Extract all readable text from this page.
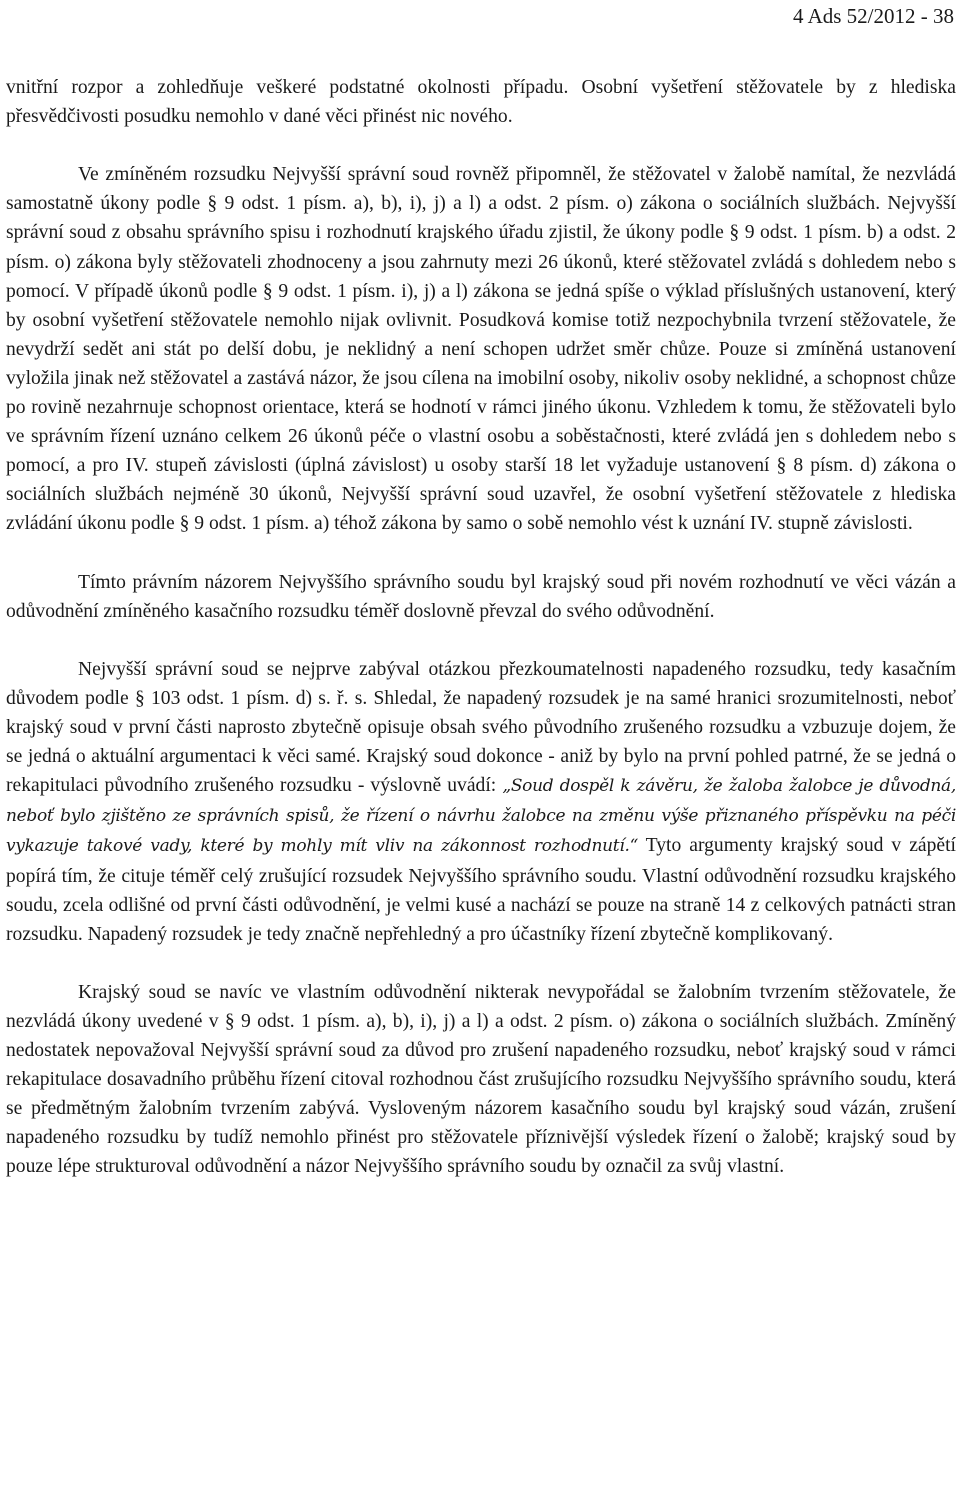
4 Ads 52/2012 - 38

vnitřní rozpor a zohledňuje veškeré podstatné okolnosti případu. Osobní vyšetření stěžovatele by z hlediska přesvědčivosti posudku nemohlo v dané věci přinést nic nového.

Ve zmíněném rozsudku Nejvyšší správní soud rovněž připomněl, že stěžovatel v žalobě namítal, že nezvládá samostatně úkony podle § 9 odst. 1 písm. a), b), i), j) a l) a odst. 2 písm. o) zákona o sociálních službách. Nejvyšší správní soud z obsahu správního spisu i rozhodnutí krajského úřadu zjistil, že úkony podle § 9 odst. 1 písm. b) a odst. 2 písm. o) zákona byly stěžovateli zhodnoceny a jsou zahrnuty mezi 26 úkonů, které stěžovatel zvládá s dohledem nebo s pomocí. V případě úkonů podle § 9 odst. 1 písm. i), j) a l) zákona se jedná spíše o výklad příslušných ustanovení, který by osobní vyšetření stěžovatele nemohlo nijak ovlivnit. Posudková komise totiž nezpochybnila tvrzení stěžovatele, že nevydrží sedět ani stát po delší dobu, je neklidný a není schopen udržet směr chůze. Pouze si zmíněná ustanovení vyložila jinak než stěžovatel a zastává názor, že jsou cílena na imobilní osoby, nikoliv osoby neklidné, a schopnost chůze po rovině nezahrnuje schopnost orientace, která se hodnotí v rámci jiného úkonu. Vzhledem k tomu, že stěžovateli bylo ve správním řízení uznáno celkem 26 úkonů péče o vlastní osobu a soběstačnosti, které zvládá jen s dohledem nebo s pomocí, a pro IV. stupeň závislosti (úplná závislost) u osoby starší 18 let vyžaduje ustanovení § 8 písm. d) zákona o sociálních službách nejméně 30 úkonů, Nejvyšší správní soud uzavřel, že osobní vyšetření stěžovatele z hlediska zvládání úkonu podle § 9 odst. 1 písm. a) téhož zákona by samo o sobě nemohlo vést k uznání IV. stupně závislosti.

Tímto právním názorem Nejvyššího správního soudu byl krajský soud při novém rozhodnutí ve věci vázán a odůvodnění zmíněného kasačního rozsudku téměř doslovně převzal do svého odůvodnění.

Nejvyšší správní soud se nejprve zabýval otázkou přezkoumatelnosti napadeného rozsudku, tedy kasačním důvodem podle § 103 odst. 1 písm. d) s. ř. s. Shledal, že napadený rozsudek je na samé hranici srozumitelnosti, neboť krajský soud v první části naprosto zbytečně opisuje obsah svého původního zrušeného rozsudku a vzbuzuje dojem, že se jedná o aktuální argumentaci k věci samé. Krajský soud dokonce - aniž by bylo na první pohled patrné, že se jedná o rekapitulaci původního zrušeného rozsudku - výslovně uvádí: „Soud dospěl k závěru, že žaloba žalobce je důvodná, neboť bylo zjištěno ze správních spisů, že řízení o návrhu žalobce na změnu výše přiznaného příspěvku na péči vykazuje takové vady, které by mohly mít vliv na zákonnost rozhodnutí.“ Tyto argumenty krajský soud v zápětí popírá tím, že cituje téměř celý zrušující rozsudek Nejvyššího správního soudu. Vlastní odůvodnění rozsudku krajského soudu, zcela odlišné od první části odůvodnění, je velmi kusé a nachází se pouze na straně 14 z celkových patnácti stran rozsudku. Napadený rozsudek je tedy značně nepřehledný a pro účastníky řízení zbytečně komplikovaný.

Krajský soud se navíc ve vlastním odůvodnění nikterak nevypořádal se žalobním tvrzením stěžovatele, že nezvládá úkony uvedené v § 9 odst. 1 písm. a), b), i), j) a l) a odst. 2 písm. o) zákona o sociálních službách. Zmíněný nedostatek nepovažoval Nejvyšší správní soud za důvod pro zrušení napadeného rozsudku, neboť krajský soud v rámci rekapitulace dosavadního průběhu řízení citoval rozhodnou část zrušujícího rozsudku Nejvyššího správního soudu, která se předmětným žalobním tvrzením zabývá. Vysloveným názorem kasačního soudu byl krajský soud vázán, zrušení napadeného rozsudku by tudíž nemohlo přinést pro stěžovatele příznivější výsledek řízení o žalobě; krajský soud by pouze lépe strukturoval odůvodnění a názor Nejvyššího správního soudu by označil za svůj vlastní.
